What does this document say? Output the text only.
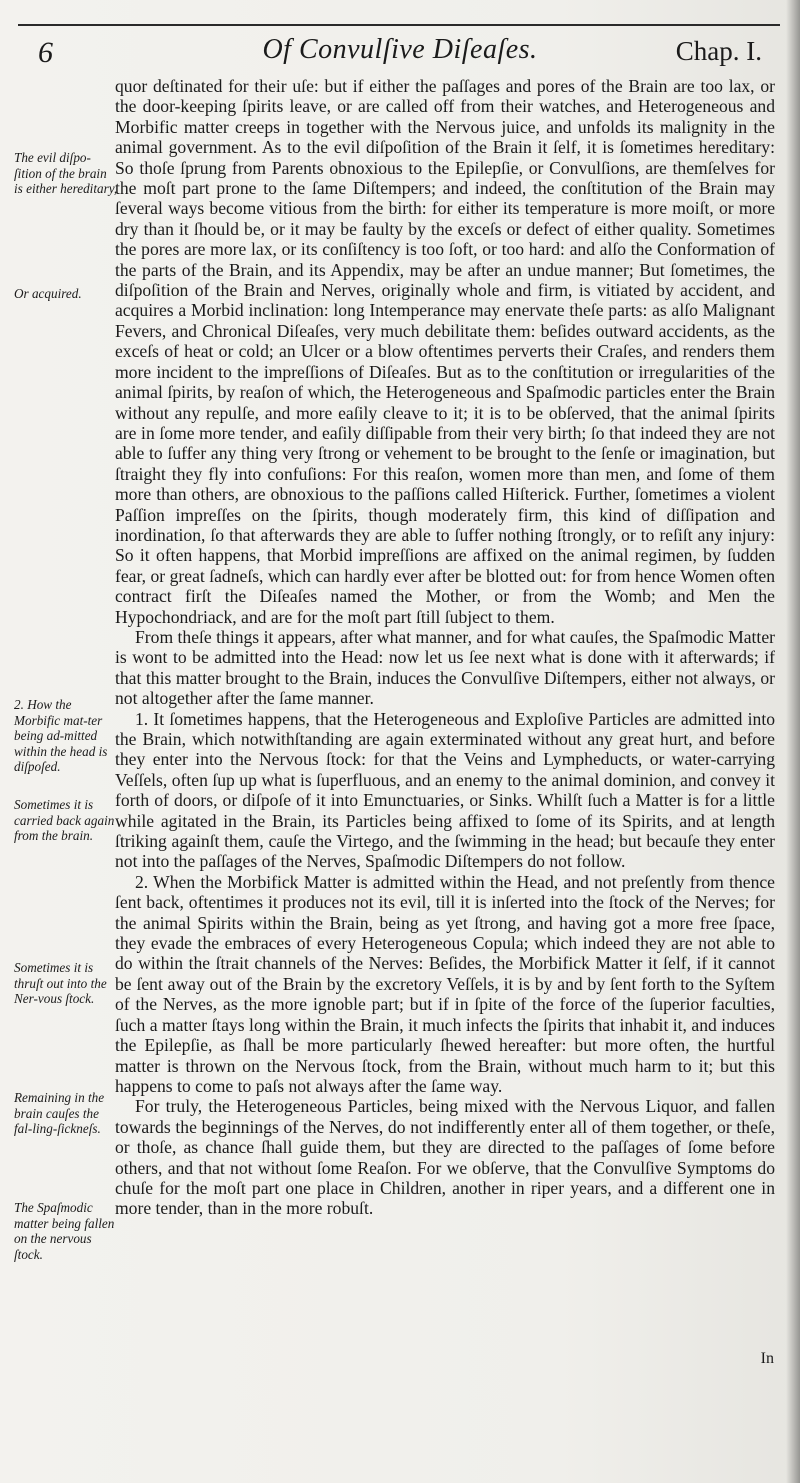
6	Of Convulſive Diſeaſes.	Chap. I.
The evil diſpo-ſition of the brain is either hereditary,
Or acquired.
2. How the Morbific mat-ter being ad-mitted within the head is diſpoſed.
Sometimes it is carried back again from the brain.
Sometimes it is thruſt out into the Ner-vous ſtock.
Remaining in the brain cauſes the fal-ling-ſickneſs.
The Spaſmodic matter being fallen on the nervous ſtock.

quor deſtinated for their uſe: but if either the paſſages and pores of the Brain are too lax, or the door-keeping ſpirits leave, or are called off from their watches, and Heterogeneous and Morbific matter creeps in together with the Nervous juice, and unfolds its malignity in the animal government. As to the evil diſpoſition of the Brain it ſelf, it is ſometimes hereditary: So thoſe ſprung from Parents obnoxious to the Epilepſie, or Convulſions, are themſelves for the moſt part prone to the ſame Diſtempers; and indeed, the conſtitution of the Brain may ſeveral ways become vitious from the birth: for either its temperature is more moiſt, or more dry than it ſhould be, or it may be faulty by the exceſs or defect of either quality. Sometimes the pores are more lax, or its conſiſtency is too ſoft, or too hard: and alſo the Conformation of the parts of the Brain, and its Appendix, may be after an undue manner; But ſometimes, the diſpoſition of the Brain and Nerves, originally whole and firm, is vitiated by accident, and acquires a Morbid inclination: long Intemperance may enervate theſe parts: as alſo Malignant Fevers, and Chronical Diſeaſes, very much debilitate them: beſides outward accidents, as the exceſs of heat or cold; an Ulcer or a blow oftentimes perverts their Craſes, and renders them more incident to the impreſſions of Diſeaſes. But as to the conſtitution or irregularities of the animal ſpirits, by reaſon of which, the Heterogeneous and Spaſmodic particles enter the Brain without any repulſe, and more eaſily cleave to it; it is to be obſerved, that the animal ſpirits are in ſome more tender, and eaſily diſſipable from their very birth; ſo that indeed they are not able to ſuffer any thing very ſtrong or vehement to be brought to the ſenſe or imagination, but ſtraight they fly into confuſions: For this reaſon, women more than men, and ſome of them more than others, are obnoxious to the paſſions called Hiſterick. Further, ſometimes a violent Paſſion impreſſes on the ſpirits, though moderately firm, this kind of diſſipation and inordination, ſo that afterwards they are able to ſuffer nothing ſtrongly, or to reſiſt any injury: So it often happens, that Morbid impreſſions are affixed on the animal regimen, by ſudden fear, or great ſadneſs, which can hardly ever after be blotted out: for from hence Women often contract firſt the Diſeaſes named the Mother, or from the Womb; and Men the Hypochondriack, and are for the moſt part ſtill ſubject to them.

From theſe things it appears, after what manner, and for what cauſes, the Spaſmodic Matter is wont to be admitted into the Head: now let us ſee next what is done with it afterwards; if that this matter brought to the Brain, induces the Convulſive Diſtempers, either not always, or not altogether after the ſame manner.

1. It ſometimes happens, that the Heterogeneous and Exploſive Particles are admitted into the Brain, which notwithſtanding are again exterminated without any great hurt, and before they enter into the Nervous ſtock: for that the Veins and Lympheducts, or water-carrying Veſſels, often ſup up what is ſuperfluous, and an enemy to the animal dominion, and convey it forth of doors, or diſpoſe of it into Emunctuaries, or Sinks. Whilſt ſuch a Matter is for a little while agitated in the Brain, its Particles being affixed to ſome of its Spirits, and at length ſtriking againſt them, cauſe the Virtego, and the ſwimming in the head; but becauſe they enter not into the paſſages of the Nerves, Spaſmodic Diſtempers do not follow.

2. When the Morbifick Matter is admitted within the Head, and not preſently from thence ſent back, oftentimes it produces not its evil, till it is inſerted into the ſtock of the Nerves; for the animal Spirits within the Brain, being as yet ſtrong, and having got a more free ſpace, they evade the embraces of every Heterogeneous Copula; which indeed they are not able to do within the ſtrait channels of the Nerves: Beſides, the Morbifick Matter it ſelf, if it cannot be ſent away out of the Brain by the excretory Veſſels, it is by and by ſent forth to the Syſtem of the Nerves, as the more ignoble part; but if in ſpite of the force of the ſuperior faculties, ſuch a matter ſtays long within the Brain, it much infects the ſpirits that inhabit it, and induces the Epilepſie, as ſhall be more particularly ſhewed hereafter: but more often, the hurtful matter is thrown on the Nervous ſtock, from the Brain, without much harm to it; but this happens to come to paſs not always after the ſame way.

For truly, the Heterogeneous Particles, being mixed with the Nervous Liquor, and fallen towards the beginnings of the Nerves, do not indifferently enter all of them together, or theſe, or thoſe, as chance ſhall guide them, but they are directed to the paſſages of ſome before others, and that not without ſome Reaſon. For we obſerve, that the Convulſive Symptoms do chuſe for the moſt part one place in Children, another in riper years, and a different one in more tender, than in the more robuſt.

In
